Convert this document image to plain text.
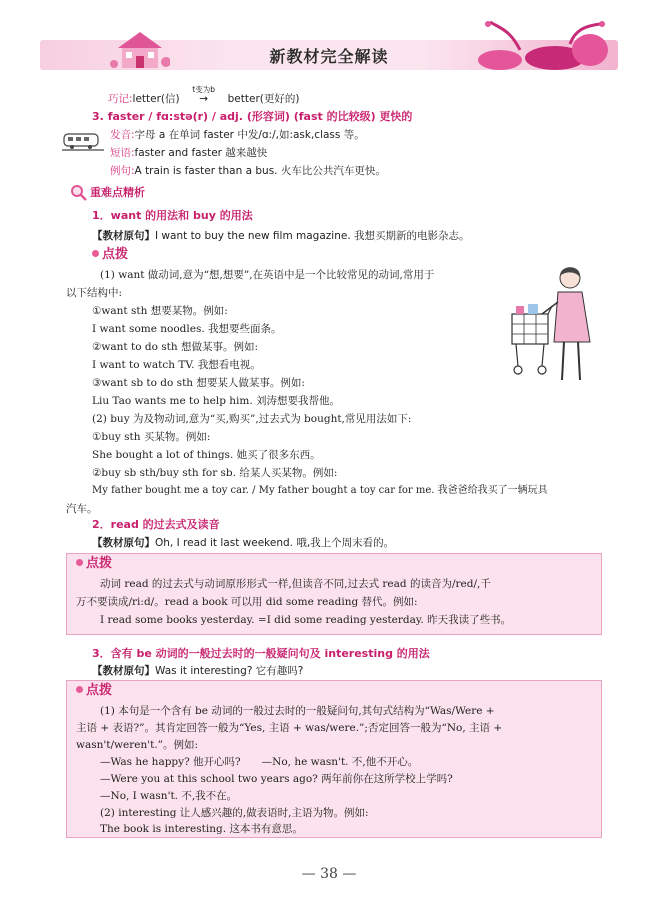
新教材完全解读
巧记:letter(信)
t变为b
→ better(更好的)
3. faster / fɑ:stə(r) / adj. (形容词) (fast 的比较级) 更快的
发音:字母 a 在单词 faster 中发/ɑ:/,如:ask,class 等。
短语:faster and faster 越来越快
例句:A train is faster than a bus. 火车比公共汽车更快。
重难点精析
1．want 的用法和 buy 的用法
【教材原句】I want to buy the new film magazine. 我想买期新的电影杂志。
点拨
(1) want 做动词,意为“想,想要”,在英语中是一个比较常见的动词,常用于
以下结构中:
①want sth 想要某物。例如:
I want some noodles. 我想要些面条。
②want to do sth 想做某事。例如:
I want to watch TV. 我想看电视。
③want sb to do sth 想要某人做某事。例如:
Liu Tao wants me to help him. 刘涛想要我帮他。
(2) buy 为及物动词,意为“买,购买”,过去式为 bought,常见用法如下:
①buy sth 买某物。例如:
She bought a lot of things. 她买了很多东西。
②buy sb sth/buy sth for sb. 给某人买某物。例如:
My father bought me a toy car. / My father bought a toy car for me. 我爸爸给我买了一辆玩具
汽车。
2．read 的过去式及读音
【教材原句】Oh, I read it last weekend. 哦,我上个周末看的。
点拨
动词 read 的过去式与动词原形形式一样,但读音不同,过去式 read 的读音为/red/,千
万不要读成/ri:d/。read a book 可以用 did some reading 替代。例如:
I read some books yesterday. =I did some reading yesterday. 昨天我读了些书。
3．含有 be 动词的一般过去时的一般疑问句及 interesting 的用法
【教材原句】Was it interesting? 它有趣吗?
点拨
(1) 本句是一个含有 be 动词的一般过去时的一般疑问句,其句式结构为“Was/Were +
主语 + 表语?”。其肯定回答一般为“Yes, 主语 + was/were.”;否定回答一般为“No, 主语 +
wasn't/weren't.”。例如:
—Was he happy? 他开心吗?　　—No, he wasn't. 不,他不开心。
—Were you at this school two years ago? 两年前你在这所学校上学吗?
—No, I wasn't. 不,我不在。
(2) interesting 让人感兴趣的,做表语时,主语为物。例如:
The book is interesting. 这本书有意思。
— 38 —
